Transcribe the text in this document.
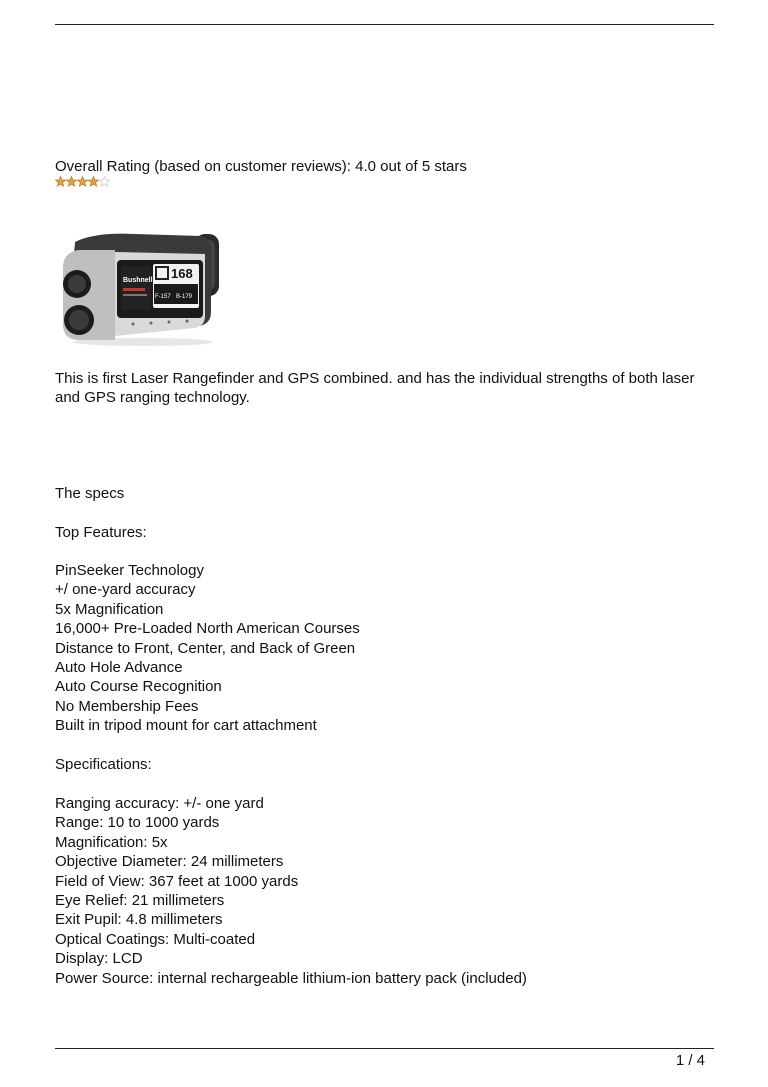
Overall Rating (based on customer reviews): 4.0 out of 5 stars
Bushnell 168
F-157 B-179
This is first Laser Rangefinder and GPS combined. and has the individual strengths of both laser and GPS ranging technology.
The specs
Top Features:
PinSeeker Technology
+/ one-yard accuracy
5x Magnification
16,000+ Pre-Loaded North American Courses
Distance to Front, Center, and Back of Green
Auto Hole Advance
Auto Course Recognition
No Membership Fees
Built in tripod mount for cart attachment
Specifications:
Ranging accuracy: +/- one yard
Range: 10 to 1000 yards
Magnification: 5x
Objective Diameter: 24 millimeters
Field of View: 367 feet at 1000 yards
Eye Relief: 21 millimeters
Exit Pupil: 4.8 millimeters
Optical Coatings: Multi-coated
Display: LCD
Power Source: internal rechargeable lithium-ion battery pack (included)
1 / 4
